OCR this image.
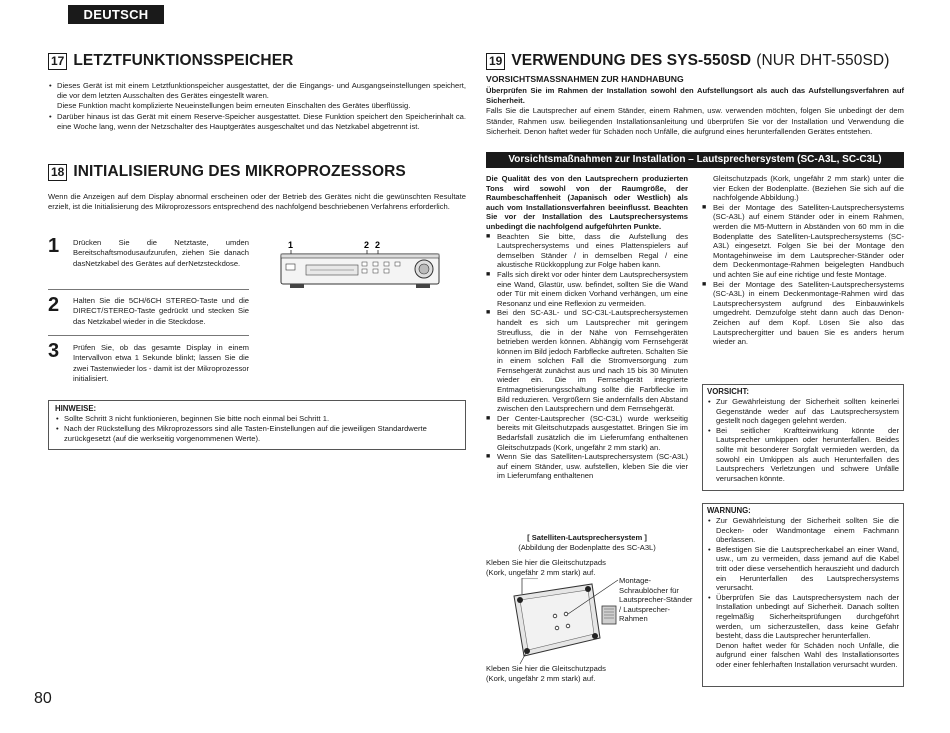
DEUTSCH
17 LETZTFUNKTIONSSPEICHER
• Dieses Gerät ist mit einem Letztfunktionspeicher ausgestattet, der die Eingangs- und Ausgangseinstellungen speichert, die vor dem letzten Ausschalten des Gerätes eingestellt waren.
Diese Funktion macht komplizierte Neueinstellungen beim erneuten Einschalten des Gerätes überflüssig.
• Darüber hinaus ist das Gerät mit einem Reserve-Speicher ausgestattet. Diese Funktion speichert den Speicherinhalt ca. eine Woche lang, wenn der Netzschalter des Hauptgerätes ausgeschaltet und das Netzkabel abgetrennt ist.
18 INITIALISIERUNG DES MIKROPROZESSORS
Wenn die Anzeigen auf dem Display abnormal erscheinen oder der Betrieb des Gerätes nicht die gewünschten Resultate erzielt, ist die Initialisierung des Mikroprozessors entsprechend des nachfolgend beschriebenen Verfahrens erforderlich.
1 Drücken Sie die Netztaste, umden Bereitschaftsmodusaufzurufen, ziehen Sie danach dasNetzkabel des Gerätes auf derNetzsteckdose.
2 Halten Sie die 5CH/6CH STEREO-Taste und die DIRECT/STEREO-Taste gedrückt und stecken Sie das Netzkabel wieder in die Steckdose.
3 Prüfen Sie, ob das gesamte Display in einem Intervallvon etwa 1 Sekunde blinkt; lassen Sie die zwei Tastenwieder los - damit ist der Mikroprozessor initialisiert.
1	2 2
HINWEISE:
• Sollte Schritt 3 nicht funktionieren, beginnen Sie bitte noch einmal bei Schritt 1.
• Nach der Rückstellung des Mikroprozessors sind alle Tasten-Einstellungen auf die jeweiligen Standardwerte zurückgesetzt (auf die werkseitig vorgenommenen Werte).
80
19 VERWENDUNG DES SYS-550SD (NUR DHT-550SD)
VORSICHTSMASSNAHMEN ZUR HANDHABUNG
Überprüfen Sie im Rahmen der Installation sowohl den Aufstellungsort als auch das Aufstellungsverfahren auf Sicherheit.
Falls Sie die Lautsprecher auf einem Ständer, einem Rahmen, usw. verwenden möchten, folgen Sie unbedingt der dem Ständer, Rahmen usw. beiliegenden Installationsanleitung und überprüfen Sie vor der Installation und Verwendung die Sicherheit. Denon haftet weder für Schäden noch Unfälle, die aufgrund eines herunterfallenden Gerätes entstehen.
Vorsichtsmaßnahmen zur Installation – Lautsprechersystem (SC-A3L, SC-C3L)
Die Qualität des von den Lautsprechern produzierten Tons wird sowohl von der Raumgröße, der Raumbeschaffenheit (Japanisch oder Westlich) als auch vom Installationsverfahren beeinflusst. Beachten Sie vor der Installation des Lautsprechersystems unbedingt die nachfolgend aufgeführten Punkte.
■ Beachten Sie bitte, dass die Aufstellung des Lautsprechersystems und eines Plattenspielers auf demselben Ständer / in demselben Regal / eine akustische Rückkopplung zur Folge haben kann.
■ Falls sich direkt vor oder hinter dem Lautsprechersystem eine Wand, Glastür, usw. befindet, sollten Sie die Wand oder Tür mit einem dicken Vorhand verhängen, um eine Resonanz und eine Reflexion zu vermeiden.
■ Bei den SC-A3L- und SC-C3L-Lautsprechersystemen handelt es sich um Lautsprecher mit geringem Streufluss, die in der Nähe von Fernsehgeräten betrieben werden können. Abhängig vom Fernsehgerät können im Bild jedoch Farbflecke auftreten. Schalten Sie in einem solchen Fall die Stromversorgung zum Fernsehgerät zunächst aus und nach 15 bis 30 Minuten wieder ein. Die im Fernsehgerät integrierte Entmagnetisierungsschaltung sollte die Farbflecke im Bild reduzieren. Vergrößern Sie andernfalls den Abstand zwischen den Lautsprechern und dem Fernsehgerät.
■ Der Center-Lautsprecher (SC-C3L) wurde werkseitig bereits mit Gleitschutzpads ausgestattet. Bringen Sie im Bedarfsfall zusätzlich die im Lieferumfang enthaltenen Gleitschutzpads (Kork, ungefähr 2 mm stark) an.
■ Wenn Sie das Satelliten-Lautsprechersystem (SC-A3L) auf einem Ständer, usw. aufstellen, kleben Sie die vier im Lieferumfang enthaltenen
[ Satelliten-Lautsprechersystem ]
(Abbildung der Bodenplatte des SC-A3L)
Kleben Sie hier die Gleitschutzpads (Kork, ungefähr 2 mm stark) auf.
Montage-Schraublöcher für Lautsprecher-Ständer / Lautsprecher-Rahmen
Kleben Sie hier die Gleitschutzpads (Kork, ungefähr 2 mm stark) auf.
Gleitschutzpads (Kork, ungefähr 2 mm stark) unter die vier Ecken der Bodenplatte. (Beziehen Sie sich auf die nachfolgende Abbildung.)
■ Bei der Montage des Satelliten-Lautsprechersystems (SC-A3L) auf einem Ständer oder in einem Rahmen, werden die M5-Muttern in Abständen von 60 mm in die Bodenplatte des Satelliten-Lautsprechersystems (SC-A3L) eingesetzt. Folgen Sie bei der Montage den Montagehinweise im dem Lautsprecher-Ständer oder dem Deckenmontage-Rahmen beigelegten Handbuch und achten Sie auf eine richtige und feste Montage.
■ Bei der Montage des Satelliten-Lautsprechersystems (SC-A3L) in einem Deckenmontage-Rahmen wird das Lautsprechersystem aufgrund des Einbauwinkels umgedreht. Demzufolge steht dann auch das Denon-Zeichen auf dem Kopf. Lösen Sie also das Lautsprechergitter und bauen Sie es anders herum wieder an.
VORSICHT:
• Zur Gewährleistung der Sicherheit sollten keinerlei Gegenstände weder auf das Lautsprechersystem gestellt noch dagegen gelehnt werden.
• Bei seitlicher Kraftteinwirkung könnte der Lautsprecher umkippen oder herunterfallen. Beides sollte mit besonderer Sorgfalt vermieden werden, da sowohl ein Umkippen als auch Herunterfallen des Lautsprechers Verletzungen und schwere Unfälle verursachen könnte.
WARNUNG:
• Zur Gewährleistung der Sicherheit sollten Sie die Decken- oder Wandmontage einem Fachmann überlassen.
• Befestigen Sie die Lautsprecherkabel an einer Wand, usw., um zu vermeiden, dass jemand auf die Kabel tritt oder diese versehentlich herauszieht und dadurch ein Herunterfallen des Lautsprechersystems verursacht.
• Überprüfen Sie das Lautsprechersystem nach der Installation unbedingt auf Sicherheit. Danach sollten regelmäßig Sicherheitsprüfungen durchgeführt werden, um sicherzustellen, dass keine Gefahr besteht, dass die Lautsprecher herunterfallen.
Denon haftet weder für Schäden noch Unfälle, die aufgrund einer falschen Wahl des Installationsortes oder einer fehlerhaften Installation verursacht wurden.
